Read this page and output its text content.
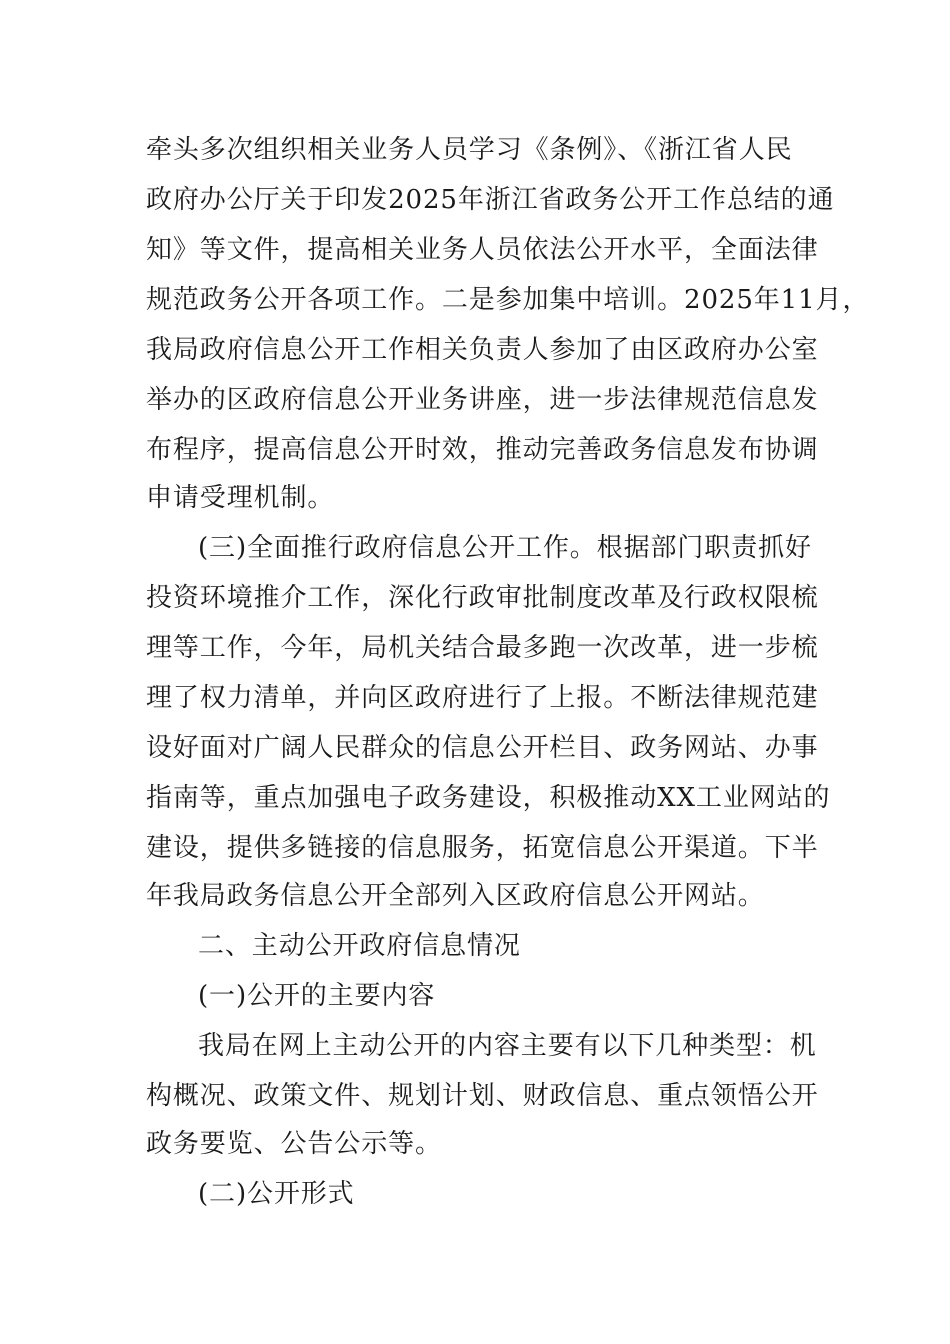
牵头多次组织相关业务人员学习《条例》、《浙江省人民
政府办公厅关于印发2025年浙江省政务公开工作总结的通
知》等文件，提高相关业务人员依法公开水平，全面法律
规范政务公开各项工作。二是参加集中培训。2025年11月，
我局政府信息公开工作相关负责人参加了由区政府办公室
举办的区政府信息公开业务讲座，进一步法律规范信息发
布程序，提高信息公开时效，推动完善政务信息发布协调
申请受理机制。
(三)全面推行政府信息公开工作。根据部门职责抓好
投资环境推介工作，深化行政审批制度改革及行政权限梳
理等工作，今年，局机关结合最多跑一次改革，进一步梳
理了权力清单，并向区政府进行了上报。不断法律规范建
设好面对广阔人民群众的信息公开栏目、政务网站、办事
指南等，重点加强电子政务建设，积极推动XX工业网站的
建设，提供多链接的信息服务，拓宽信息公开渠道。下半
年我局政务信息公开全部列入区政府信息公开网站。
二、主动公开政府信息情况
(一)公开的主要内容
我局在网上主动公开的内容主要有以下几种类型：机
构概况、政策文件、规划计划、财政信息、重点领悟公开
政务要览、公告公示等。
(二)公开形式
